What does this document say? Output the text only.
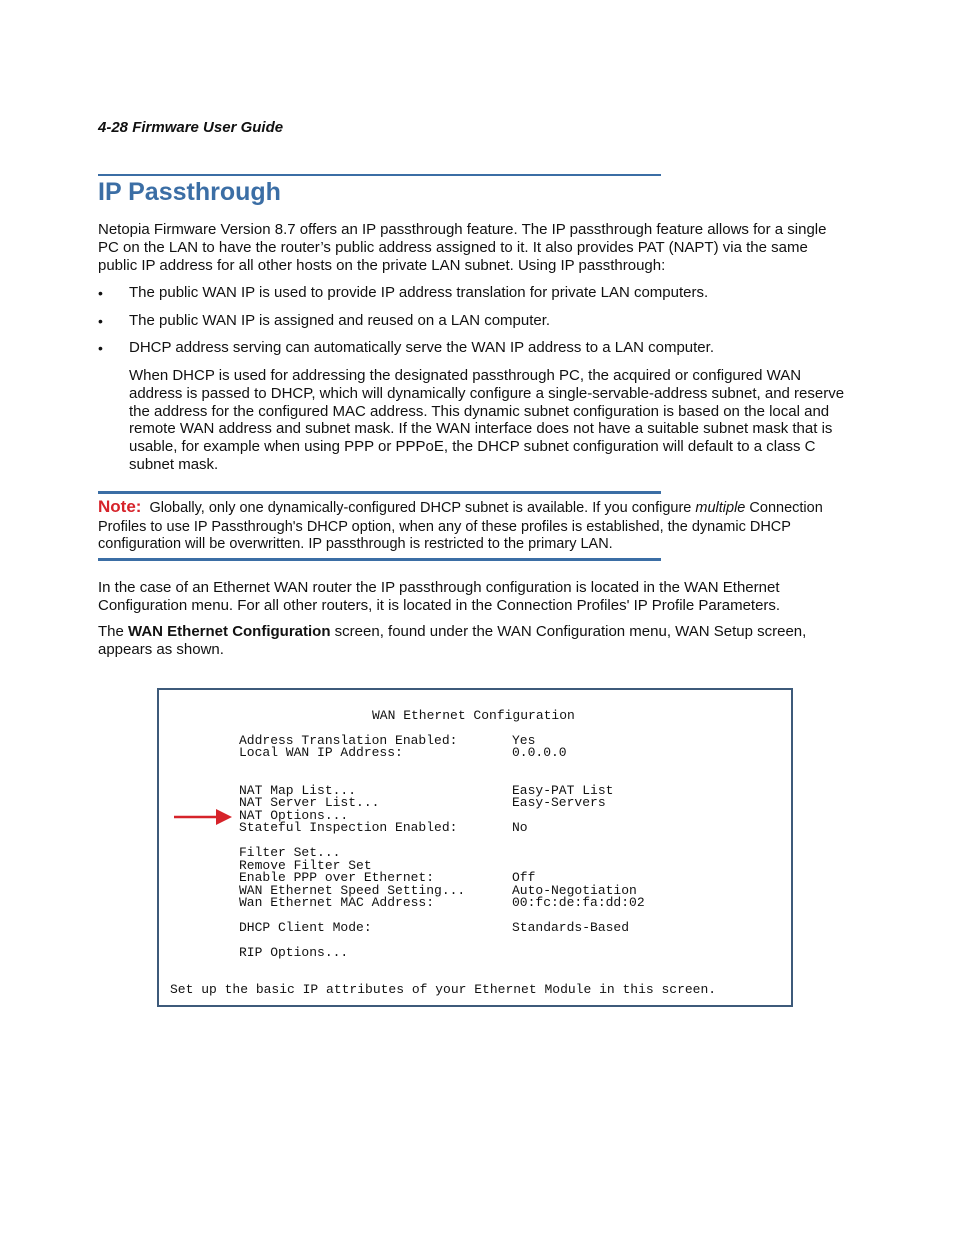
4-28 Firmware User Guide
IP Passthrough

Netopia Firmware Version 8.7 offers an IP passthrough feature. The IP passthrough feature allows for a single

PC on the LAN to have the router’s public address assigned to it. It also provides PAT (NAPT) via the same

public IP address for all other hosts on the private LAN subnet. Using IP passthrough:

• The public WAN IP is used to provide IP address translation for private LAN computers.

• The public WAN IP is assigned and reused on a LAN computer.

• DHCP address serving can automatically serve the WAN IP address to a LAN computer.

When DHCP is used for addressing the designated passthrough PC, the acquired or configured WAN

address is passed to DHCP, which will dynamically configure a single-servable-address subnet, and reserve

the address for the configured MAC address. This dynamic subnet configuration is based on the local and

remote WAN address and subnet mask. If the WAN interface does not have a suitable subnet mask that is

usable, for example when using PPP or PPPoE, the DHCP subnet configuration will default to a class C

subnet mask.

Note: Globally, only one dynamically-configured DHCP subnet is available. If you configure multiple Connection

Profiles to use IP Passthrough's DHCP option, when any of these profiles is established, the dynamic DHCP

configuration will be overwritten. IP passthrough is restricted to the primary LAN.

In the case of an Ethernet WAN router the IP passthrough configuration is located in the WAN Ethernet

Configuration menu. For all other routers, it is located in the Connection Profiles' IP Profile Parameters.

The WAN Ethernet Configuration screen, found under the WAN Configuration menu, WAN Setup screen,

appears as shown.

WAN Ethernet Configuration
Address Translation Enabled:	Yes
Local WAN IP Address:	0.0.0.0
NAT Map List...	Easy-PAT List
NAT Server List...	Easy-Servers
NAT Options...
Stateful Inspection Enabled:	No
Filter Set...
Remove Filter Set
Enable PPP over Ethernet:	Off
WAN Ethernet Speed Setting...	Auto-Negotiation
Wan Ethernet MAC Address:	00:fc:de:fa:dd:02
DHCP Client Mode:	Standards-Based
RIP Options...
Set up the basic IP attributes of your Ethernet Module in this screen.
